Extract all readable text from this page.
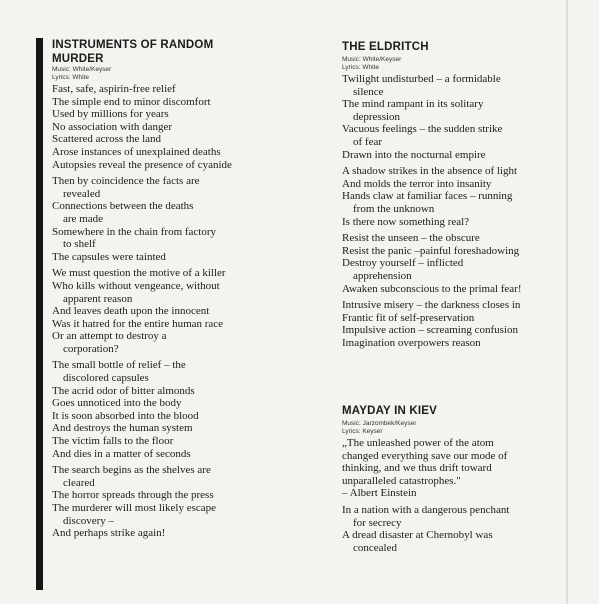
INSTRUMENTS OF RANDOM
MURDER
Music: White/Keyser
Lyrics: White
Fast, safe, aspirin-free relief
The simple end to minor discomfort
Used by millions for years
No association with danger
Scattered across the land
Arose instances of unexplained deaths
Autopsies reveal the presence of cyanide
Then by coincidence the facts are
revealed
Connections between the deaths
are made
Somewhere in the chain from factory
to shelf
The capsules were tainted
We must question the motive of a killer
Who kills without vengeance, without
apparent reason
And leaves death upon the innocent
Was it hatred for the entire human race
Or an attempt to destroy a
corporation?
The small bottle of relief – the
discolored capsules
The acrid odor of bitter almonds
Goes unnoticed into the body
It is soon absorbed into the blood
And destroys the human system
The victim falls to the floor
And dies in a matter of seconds
The search begins as the shelves are
cleared
The horror spreads through the press
The murderer will most likely escape
discovery –
And perhaps strike again!
THE ELDRITCH
Music: White/Keyser
Lyrics: White
Twilight undisturbed – a formidable
silence
The mind rampant in its solitary
depression
Vacuous feelings – the sudden strike
of fear
Drawn into the nocturnal empire
A shadow strikes in the absence of light
And molds the terror into insanity
Hands claw at familiar faces – running
from the unknown
Is there now something real?
Resist the unseen – the obscure
Resist the panic –painful foreshadowing
Destroy yourself – inflicted
apprehension
Awaken subconscious to the primal fear!
Intrusive misery – the darkness closes in
Frantic fit of self-preservation
Impulsive action – screaming confusion
Imagination overpowers reason
MAYDAY IN KIEV
Music: Jarzombek/Keyser
Lyrics: Keyser
„The unleashed power of the atom
changed everything save our mode of
thinking, and we thus drift toward
unparalleled catastrophes."
– Albert Einstein
In a nation with a dangerous penchant
for secrecy
A dread disaster at Chernobyl was
concealed
